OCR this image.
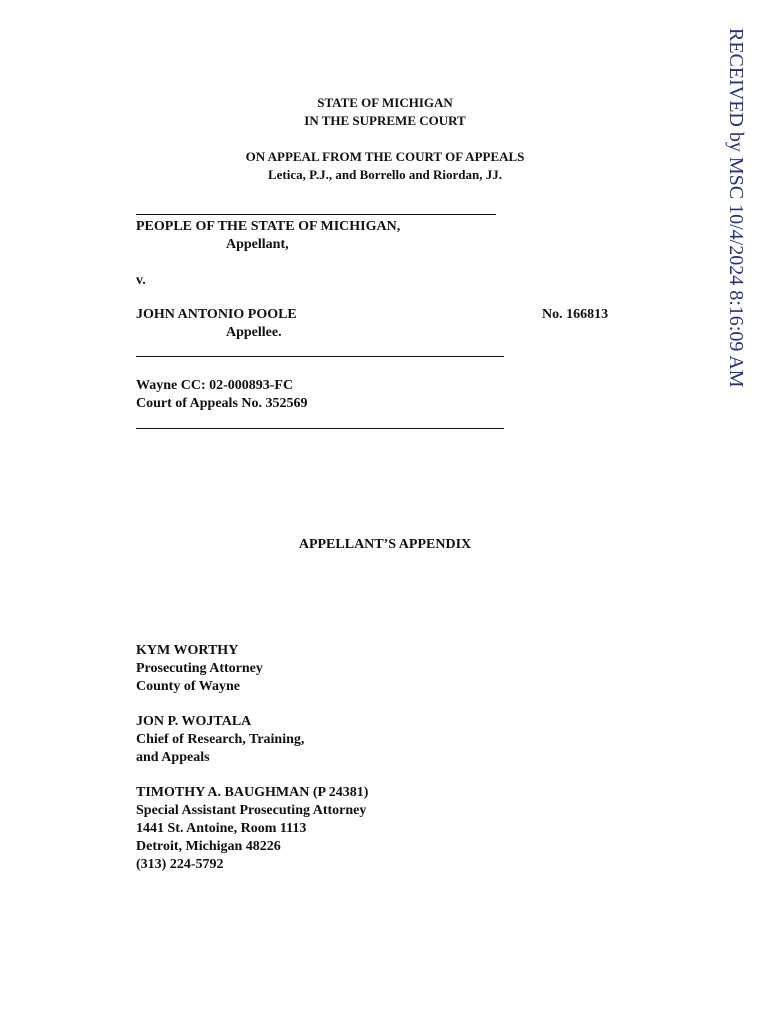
RECEIVED by MSC 10/4/2024 8:16:09 AM
STATE OF MICHIGAN
IN THE SUPREME COURT
ON APPEAL FROM THE COURT OF APPEALS
Letica, P.J., and Borrello and Riordan, JJ.
PEOPLE OF THE STATE OF MICHIGAN,
Appellant,
v.
JOHN ANTONIO POOLE	No. 166813
Appellee.
Wayne CC: 02-000893-FC
Court of Appeals No. 352569
APPELLANT’S APPENDIX
KYM WORTHY
Prosecuting Attorney
County of Wayne
JON P. WOJTALA
Chief of Research, Training,
and Appeals
TIMOTHY A. BAUGHMAN (P 24381)
Special Assistant Prosecuting Attorney
1441 St. Antoine, Room 1113
Detroit, Michigan 48226
(313) 224-5792
